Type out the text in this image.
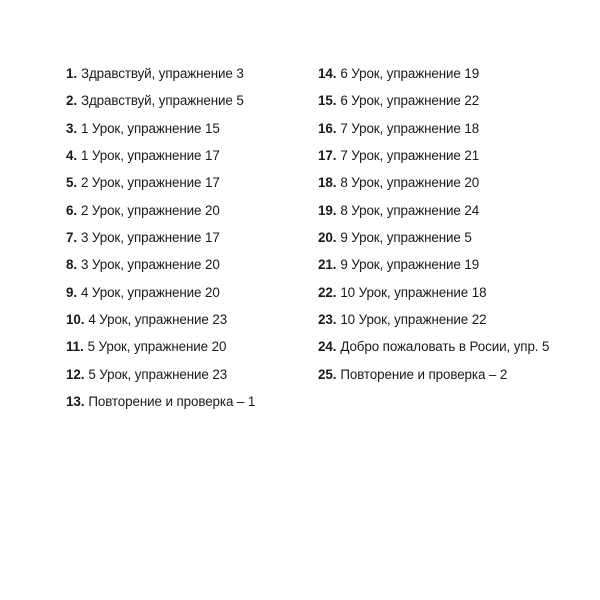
1. Здравствуй, упражнение 3
2. Здравствуй, упражнение 5
3. 1 Урок, упражнение 15
4. 1 Урок, упражнение 17
5. 2 Урок, упражнение 17
6. 2 Урок, упражнение 20
7. 3 Урок, упражнение 17
8. 3 Урок, упражнение 20
9. 4 Урок, упражнение 20
10. 4 Урок, упражнение 23
11. 5 Урок, упражнение 20
12. 5 Урок, упражнение 23
13. Повторение и проверка – 1
14. 6 Урок, упражнение 19
15. 6 Урок, упражнение 22
16. 7 Урок, упражнение 18
17. 7 Урок, упражнение 21
18. 8 Урок, упражнение 20
19. 8 Урок, упражнение 24
20. 9 Урок, упражнение 5
21. 9 Урок, упражнение 19
22. 10 Урок, упражнение 18
23. 10 Урок, упражнение 22
24. Добро пожаловать в Росии, упр. 5
25. Повторение и проверка – 2
